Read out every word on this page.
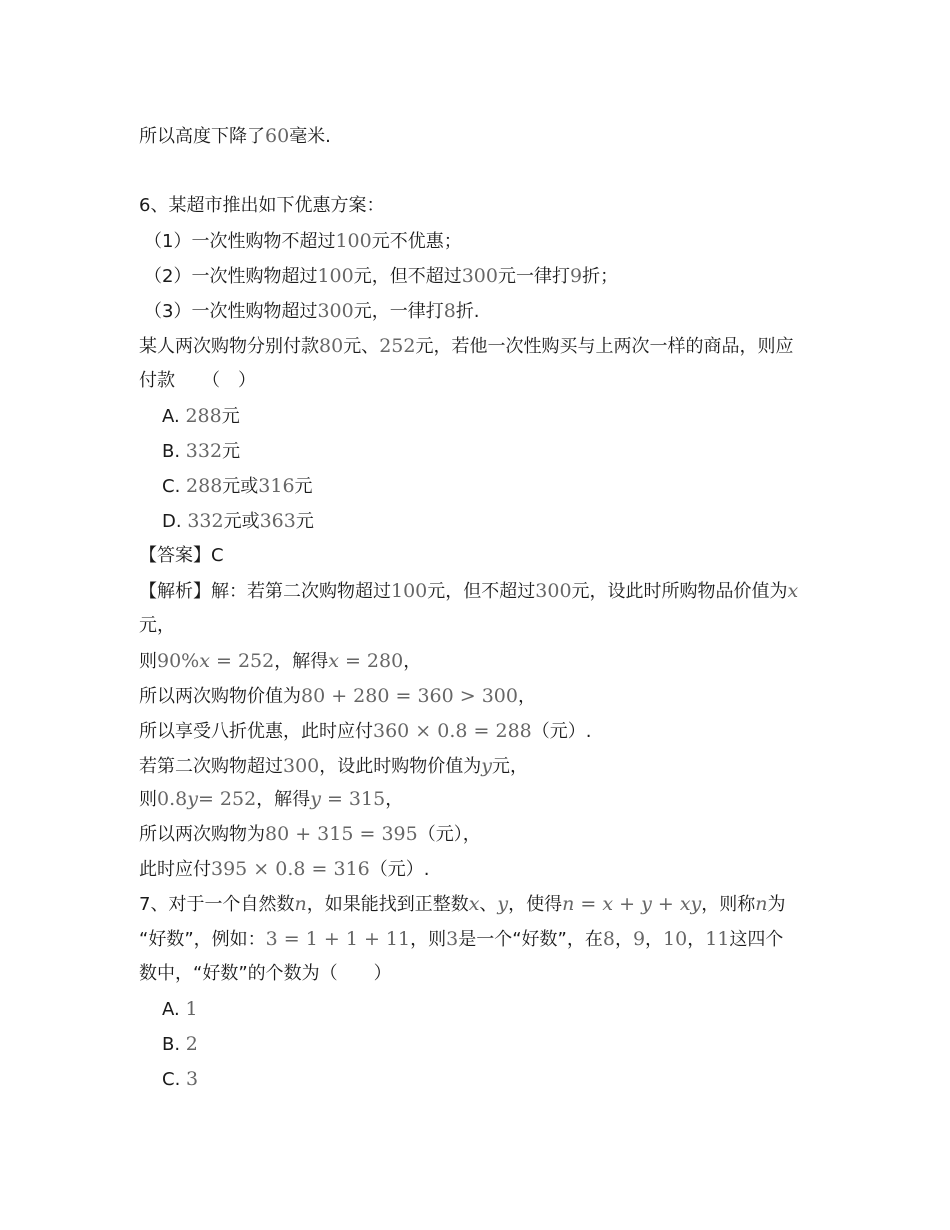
所以高度下降了60毫米.
6、某超市推出如下优惠方案：
（1）一次性购物不超过100元不优惠；
（2）一次性购物超过100元，但不超过300元一律打9折；
（3）一次性购物超过300元，一律打8折.
某人两次购物分别付款80元、252元，若他一次性购买与上两次一样的商品，则应
付款　　（　）
A. 288元
B. 332元
C. 288元或316元
D. 332元或363元
【答案】C
【解析】解：若第二次购物超过100元，但不超过300元，设此时所购物品价值为x
元，
则90%x = 252，解得x = 280，
所以两次购物价值为80 + 280 = 360 > 300，
所以享受八折优惠，此时应付360 × 0.8 = 288（元）.
若第二次购物超过300，设此时购物价值为y元，
则0.8y= 252，解得y = 315，
所以两次购物为80 + 315 = 395（元），
此时应付395 × 0.8 = 316（元）.
7、对于一个自然数n，如果能找到正整数x、y，使得n = x + y + xy，则称n为
“好数”，例如：3 = 1 + 1 + 11，则3是一个“好数”，在8，9，10，11这四个
数中，“好数”的个数为（　　）
A. 1
B. 2
C. 3
